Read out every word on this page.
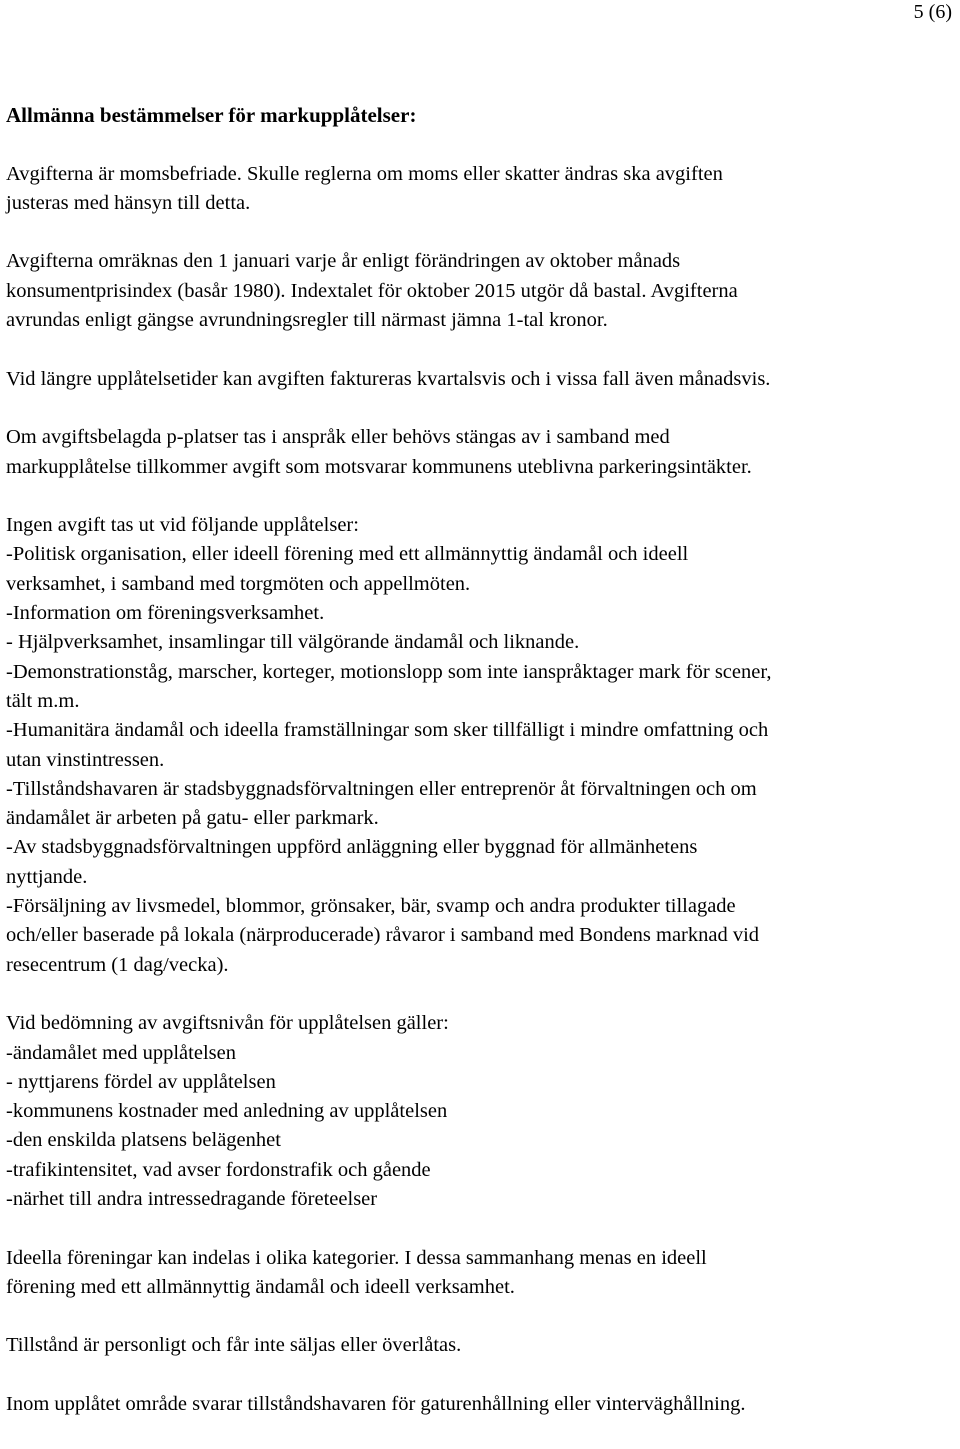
5 (6)
Allmänna bestämmelser för markupplåtelser:
Avgifterna är momsbefriade. Skulle reglerna om moms eller skatter ändras ska avgiften
justeras med hänsyn till detta.
Avgifterna omräknas den 1 januari varje år enligt förändringen av oktober månads
konsumentprisindex (basår 1980). Indextalet för oktober 2015 utgör då bastal. Avgifterna
avrundas enligt gängse avrundningsregler till närmast jämna 1-tal kronor.
Vid längre upplåtelsetider kan avgiften faktureras kvartalsvis och i vissa fall även månadsvis.
Om avgiftsbelagda p-platser tas i anspråk eller behövs stängas av i samband med
markupplåtelse tillkommer avgift som motsvarar kommunens uteblivna parkeringsintäkter.
Ingen avgift tas ut vid följande upplåtelser:
-Politisk organisation, eller ideell förening med ett allmännyttig ändamål och ideell
verksamhet, i samband med torgmöten och appellmöten.
-Information om föreningsverksamhet.
- Hjälpverksamhet, insamlingar till välgörande ändamål och liknande.
-Demonstrationståg, marscher, korteger, motionslopp som inte ianspråktager mark för scener,
tält m.m.
-Humanitära ändamål och ideella framställningar som sker tillfälligt i mindre omfattning och
utan vinstintressen.
-Tillståndshavaren är stadsbyggnadsförvaltningen eller entreprenör åt förvaltningen och om
ändamålet är arbeten på gatu- eller parkmark.
-Av stadsbyggnadsförvaltningen uppförd anläggning eller byggnad för allmänhetens
nyttjande.
-Försäljning av livsmedel, blommor, grönsaker, bär, svamp och andra produkter tillagade
och/eller baserade på lokala (närproducerade) råvaror i samband med Bondens marknad vid
resecentrum (1 dag/vecka).
Vid bedömning av avgiftsnivån för upplåtelsen gäller:
-ändamålet med upplåtelsen
- nyttjarens fördel av upplåtelsen
-kommunens kostnader med anledning av upplåtelsen
-den enskilda platsens belägenhet
-trafikintensitet, vad avser fordonstrafik och gående
-närhet till andra intressedragande företeelser
Ideella föreningar kan indelas i olika kategorier. I dessa sammanhang menas en ideell
förening med ett allmännyttig ändamål och ideell verksamhet.
Tillstånd är personligt och får inte säljas eller överlåtas.
Inom upplåtet område svarar tillståndshavaren för gaturenhållning eller vinterväghållning.
